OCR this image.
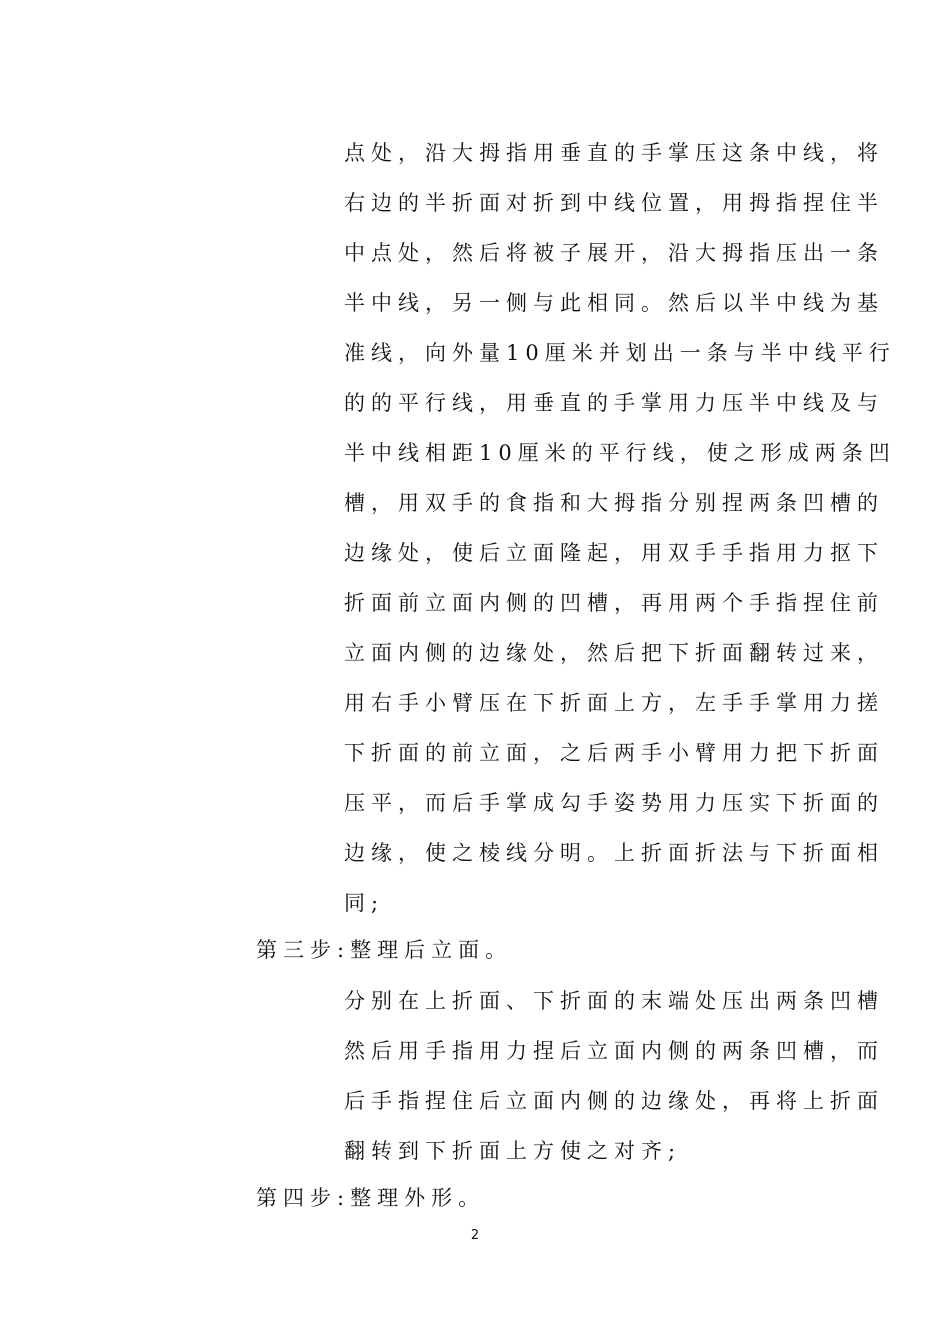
点处，沿大拇指用垂直的手掌压这条中线，将
右边的半折面对折到中线位置，用拇指捏住半
中点处，然后将被子展开，沿大拇指压出一条
半中线，另一侧与此相同。然后以半中线为基
准线，向外量10厘米并划出一条与半中线平行
的的平行线，用垂直的手掌用力压半中线及与
半中线相距10厘米的平行线，使之形成两条凹
槽，用双手的食指和大拇指分别捏两条凹槽的
边缘处，使后立面隆起，用双手手指用力抠下
折面前立面内侧的凹槽，再用两个手指捏住前
立面内侧的边缘处，然后把下折面翻转过来，
用右手小臂压在下折面上方，左手手掌用力搓
下折面的前立面，之后两手小臂用力把下折面
压平，而后手掌成勾手姿势用力压实下折面的
边缘，使之棱线分明。上折面折法与下折面相
同;
第三步:整理后立面。
分别在上折面、下折面的末端处压出两条凹槽
然后用手指用力捏后立面内侧的两条凹槽，而
后手指捏住后立面内侧的边缘处，再将上折面
翻转到下折面上方使之对齐;
第四步:整理外形。
2
